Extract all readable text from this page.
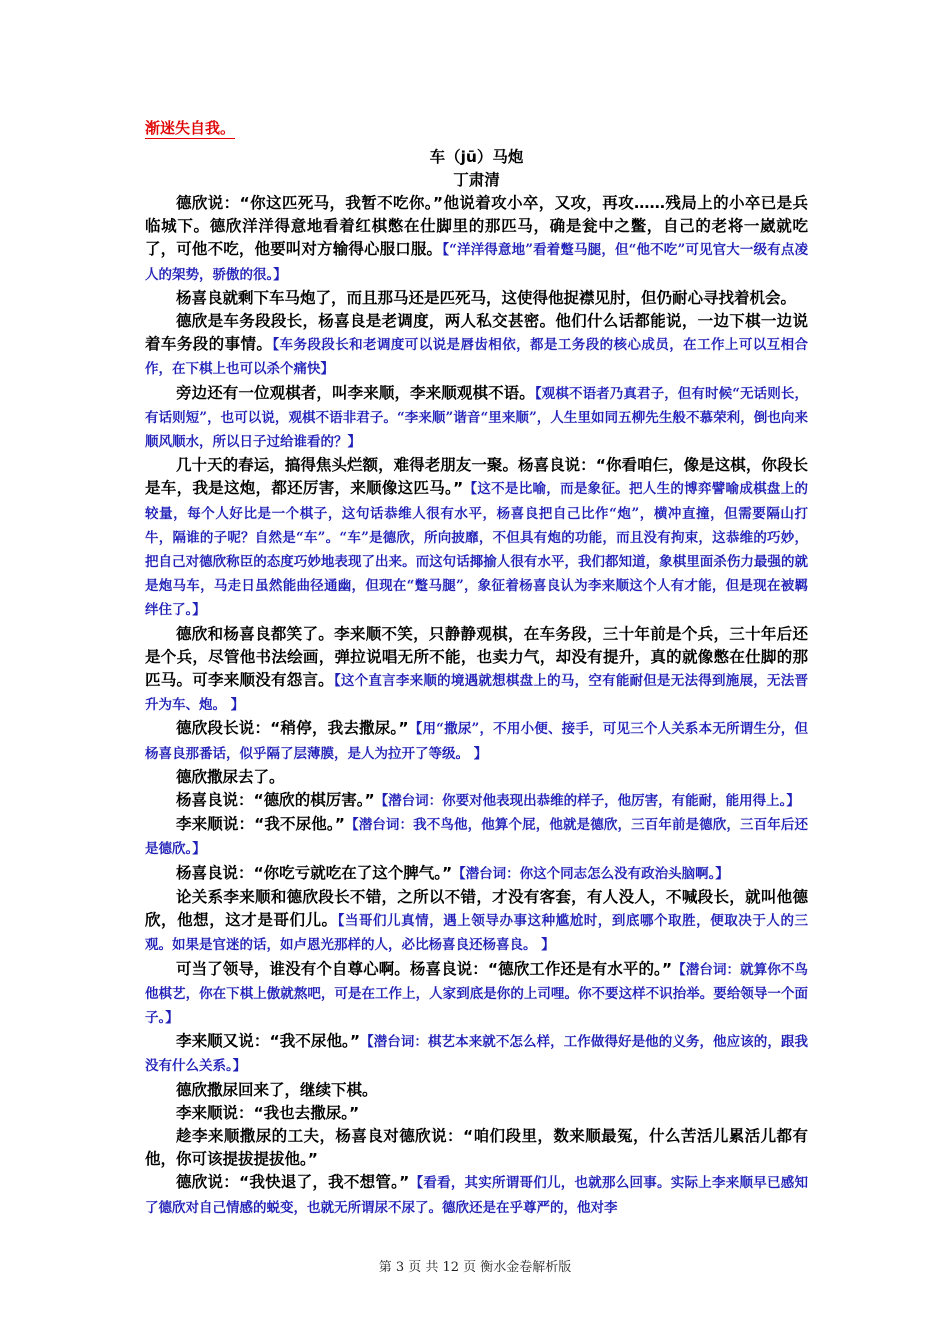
渐迷失自我。
车（jū）马炮
丁肃清

德欣说：“你这匹死马，我暂不吃你。”他说着攻小卒，又攻，再攻……残局上的小卒已是兵临城下。德欣洋洋得意地看着红棋憋在仕脚里的那匹马，确是瓮中之鳖，自己的老将一崴就吃了，可他不吃，他要叫对方输得心服口服。【“洋洋得意地”看着蹩马腿，但“他不吃”可见官大一级有点凌人的架势，骄傲的很。】

杨喜良就剩下车马炮了，而且那马还是匹死马，这使得他捉襟见肘，但仍耐心寻找着机会。

德欣是车务段段长，杨喜良是老调度，两人私交甚密。他们什么话都能说，一边下棋一边说着车务段的事情。【车务段段长和老调度可以说是唇齿相依，都是工务段的核心成员，在工作上可以互相合作，在下棋上也可以杀个痛快】

旁边还有一位观棋者，叫李来顺，李来顺观棋不语。【观棋不语者乃真君子，但有时候“无话则长，有话则短”，也可以说，观棋不语非君子。“李来顺”谐音“里来顺”，人生里如同五柳先生般不慕荣利，倒也向来顺风顺水，所以日子过给谁看的？】

几十天的春运，搞得焦头烂额，难得老朋友一聚。杨喜良说：“你看咱仨，像是这棋，你段长是车，我是这炮，都还厉害，来顺像这匹马。”【这不是比喻，而是象征。把人生的博弈譬喻成棋盘上的较量，每个人好比是一个棋子，这句话恭维人很有水平，杨喜良把自己比作“炮”，横冲直撞，但需要隔山打牛，隔谁的子呢？自然是“车”。“车”是德欣，所向披靡，不但具有炮的功能，而且没有拘束，这恭维的巧妙，把自己对德欣称臣的态度巧妙地表现了出来。而这句话揶揄人很有水平，我们都知道，象棋里面杀伤力最强的就是炮马车，马走日虽然能曲径通幽，但现在“蹩马腿”，象征着杨喜良认为李来顺这个人有才能，但是现在被羁绊住了。】

德欣和杨喜良都笑了。李来顺不笑，只静静观棋，在车务段，三十年前是个兵，三十年后还是个兵，尽管他书法绘画，弹拉说唱无所不能，也卖力气，却没有提升，真的就像憋在仕脚的那匹马。可李来顺没有怨言。【这个直言李来顺的境遇就想棋盘上的马，空有能耐但是无法得到施展，无法晋升为车、炮。 】

德欣段长说：“稍停，我去撒尿。”【用“撒尿”，不用小便、接手，可见三个人关系本无所谓生分，但杨喜良那番话，似乎隔了层薄膜，是人为拉开了等级。 】

德欣撒尿去了。

杨喜良说：“德欣的棋厉害。”【潜台词：你要对他表现出恭维的样子，他厉害，有能耐，能用得上。】

李来顺说：“我不尿他。”【潜台词：我不鸟他，他算个屁，他就是德欣，三百年前是德欣，三百年后还是德欣。】

杨喜良说：“你吃亏就吃在了这个脾气。”【潜台词：你这个同志怎么没有政治头脑啊。】

论关系李来顺和德欣段长不错，之所以不错，才没有客套，有人没人，不喊段长，就叫他德欣，他想，这才是哥们儿。【当哥们儿真情，遇上领导办事这种尴尬时，到底哪个取胜，便取决于人的三观。如果是官迷的话，如卢恩光那样的人，必比杨喜良还杨喜良。 】

可当了领导，谁没有个自尊心啊。杨喜良说：“德欣工作还是有水平的。”【潜台词：就算你不鸟他棋艺，你在下棋上傲就熬吧，可是在工作上，人家到底是你的上司哩。你不要这样不识抬举。要给领导一个面子。】

李来顺又说：“我不尿他。”【潜台词：棋艺本来就不怎么样，工作做得好是他的义务，他应该的，跟我没有什么关系。】

德欣撒尿回来了，继续下棋。

李来顺说：“我也去撒尿。”

趁李来顺撒尿的工夫，杨喜良对德欣说：“咱们段里，数来顺最冤，什么苦活儿累活儿都有他，你可该提拔提拔他。”

德欣说：“我快退了，我不想管。”【看看，其实所谓哥们儿，也就那么回事。实际上李来顺早已感知了德欣对自己情感的蜕变，也就无所谓尿不尿了。德欣还是在乎尊严的，他对李

第 3 页 共 12 页 衡水金卷解析版
